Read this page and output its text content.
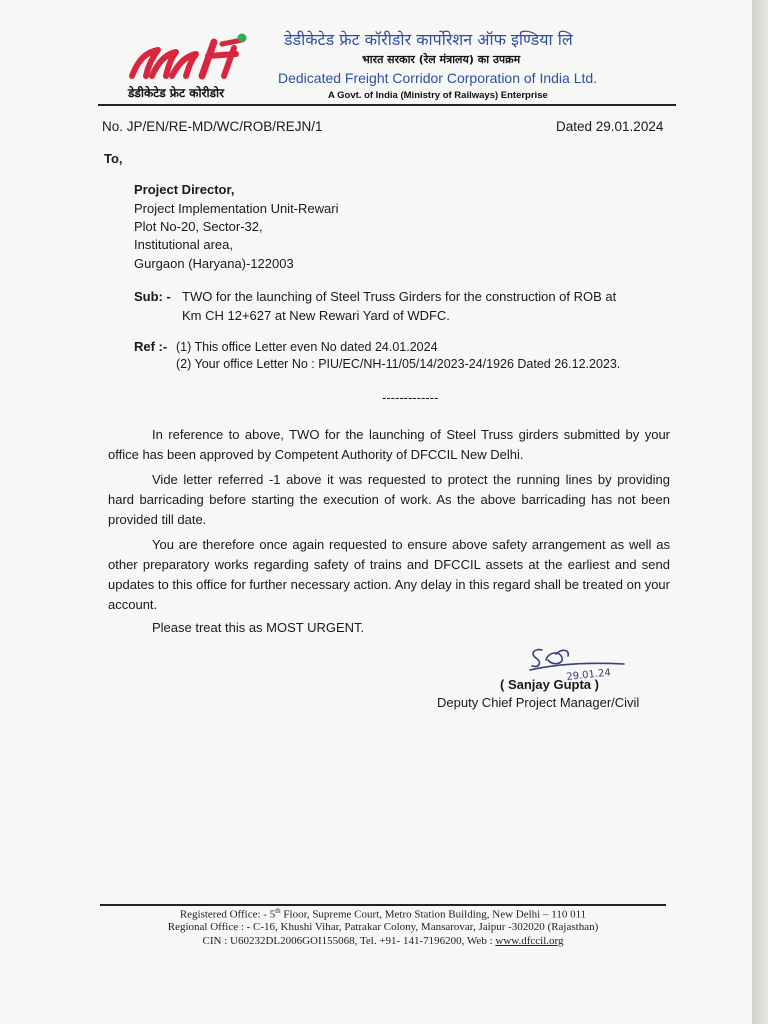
डेडीकेटेड फ्रेट कोरीडोर
डेडीकेटेड फ्रेट कॉरीडोर कार्पोरेशन ऑफ इण्डिया लि
भारत सरकार (रेल मंत्रालय) का उपक्रम
Dedicated Freight Corridor Corporation of India Ltd.
A Govt. of India (Ministry of Railways) Enterprise
No. JP/EN/RE-MD/WC/ROB/REJN/1	Dated 29.01.2024
To,
Project Director,
Project Implementation Unit-Rewari
Plot No-20, Sector-32,
Institutional area,
Gurgaon (Haryana)-122003
Sub: - TWO for the launching of Steel Truss Girders for the construction of ROB at
Km CH 12+627 at New Rewari Yard of WDFC.
Ref :- (1) This office Letter even No dated 24.01.2024
(2) Your office Letter No : PIU/EC/NH-11/05/14/2023-24/1926 Dated 26.12.2023.
-------------

In reference to above, TWO for the launching of Steel Truss girders submitted by your office has been approved by Competent Authority of DFCCIL New Delhi.

Vide letter referred -1 above it was requested to protect the running lines by providing hard barricading before starting the execution of work. As the above barricading has not been provided till date.

You are therefore once again requested to ensure above safety arrangement as well as other preparatory works regarding safety of trains and DFCCIL assets at the earliest and send updates to this office for further necessary action. Any delay in this regard shall be treated on your account.

Please treat this as MOST URGENT.
29.01.24
( Sanjay Gupta )
Deputy Chief Project Manager/Civil
Registered Office: - 5th Floor, Supreme Court, Metro Station Building, New Delhi – 110 011
Regional Office : - C-16, Khushi Vihar, Patrakar Colony, Mansarovar, Jaipur -302020 (Rajasthan)
CIN : U60232DL2006GOI155068, Tel. +91- 141-7196200, Web : www.dfccil.org
